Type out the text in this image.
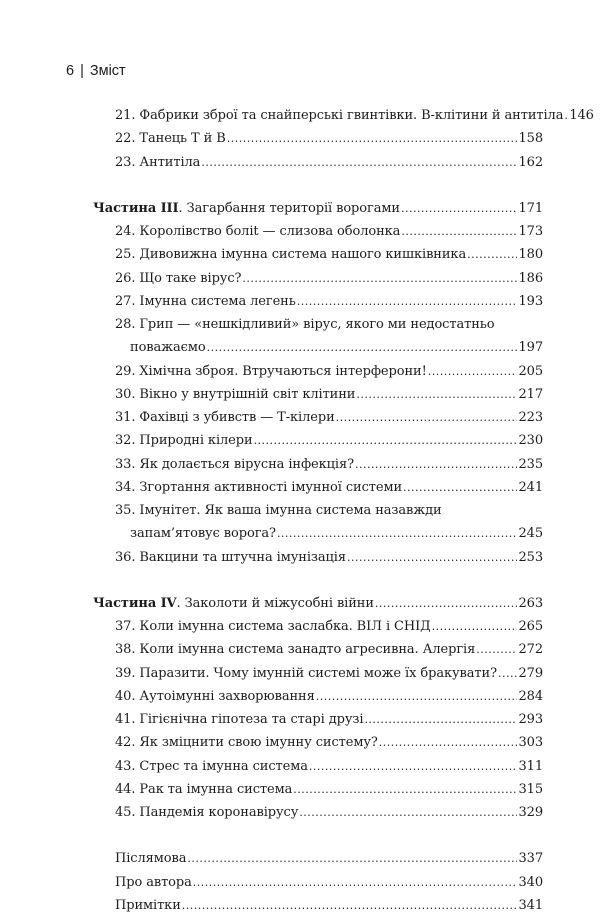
6 | Зміст
21. Фабрики зброї та снайперські гвинтівки. В-клітини й антитіла ..... 146
22. Танець Т й В .....	158
23. Антитіла .....	162
Частина III. Загарбання території ворогами .....	171
24. Королівство болit — слизова оболонка .....	173
25. Дивовижна імунна система нашого кишківника .....	180
26. Що таке вірус? .....	186
27. Імунна система легень .....	193
28. Грип — «нешкідливий» вірус, якого ми недостатньо
поважаємо .....	197
29. Хімічна зброя. Втручаються інтерферони! .....	205
30. Вікно у внутрішній світ клітини .....	217
31. Фахівці з убивств — Т-кілери .....	223
32. Природні кілери .....	230
33. Як долається вірусна інфекція? .....	235
34. Згортання активності імунної системи .....	241
35. Імунітет. Як ваша імунна система назавжди
запам’ятовує ворога? .....	245
36. Вакцини та штучна імунізація .....	253
Частина IV. Заколоти й міжусобні війни .....	263
37. Коли імунна система заслабка. ВІЛ і СНІД .....	265
38. Коли імунна система занадто агресивна. Алергія .....	272
39. Паразити. Чому імунній системі може їх бракувати? ..... 279
40. Аутоімунні захворювання .....	284
41. Гігієнічна гіпотеза та старі друзі .....	293
42. Як зміцнити свою імунну систему? .....	303
43. Стрес та імунна система .....	311
44. Рак та імунна система .....	315
45. Пандемія коронавірусу .....	329
Післямова .....	337
Про автора .....	340
Примітки .....	341
